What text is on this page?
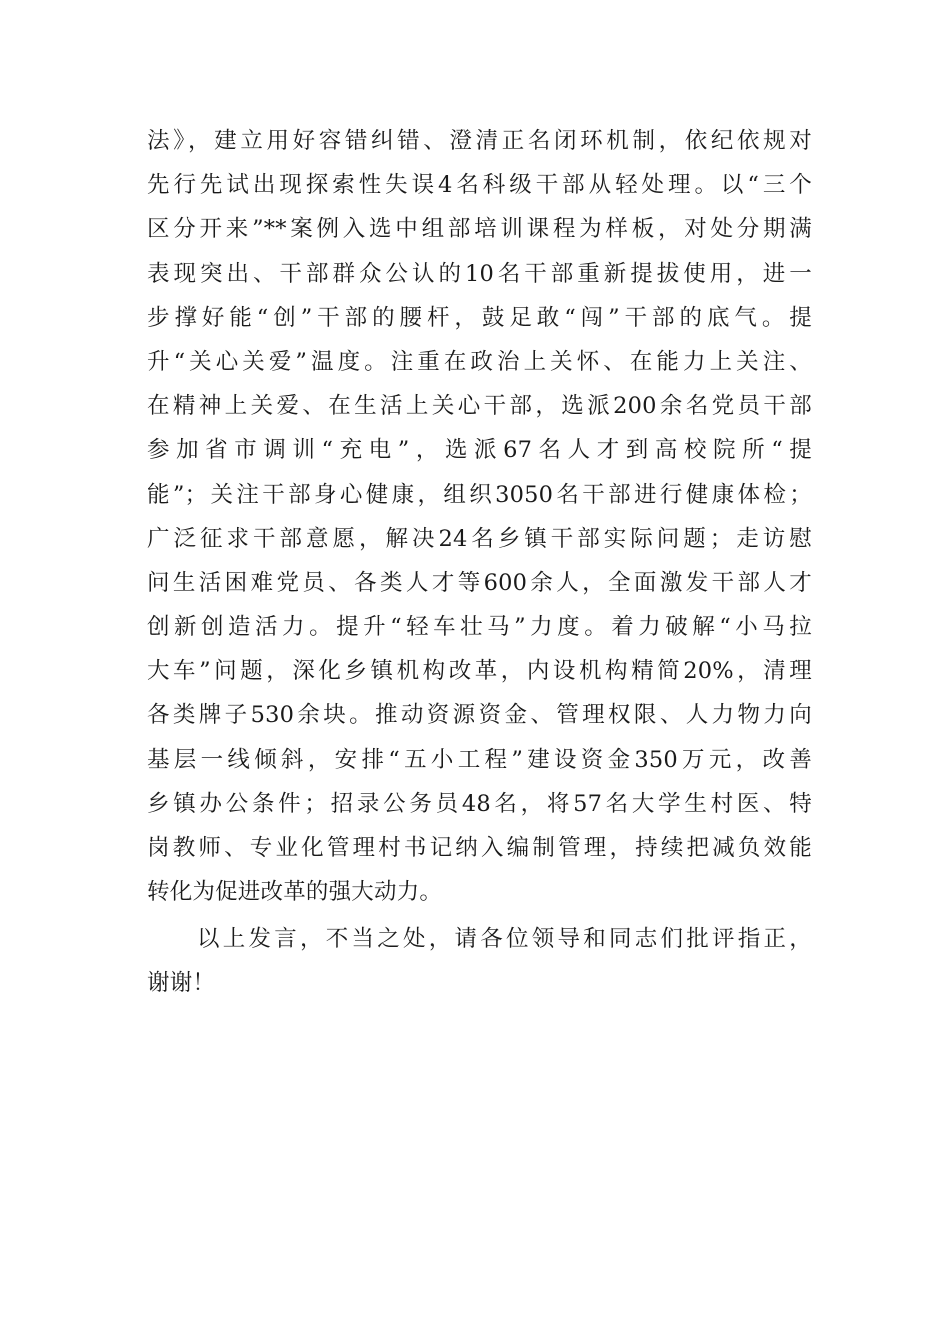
法》，建立用好容错纠错、澄清正名闭环机制，依纪依规对
先行先试出现探索性失误4名科级干部从轻处理。以“三个
区分开来”**案例入选中组部培训课程为样板，对处分期满
表现突出、干部群众公认的10名干部重新提拔使用，进一
步撑好能“创”干部的腰杆，鼓足敢“闯”干部的底气。提
升“关心关爱”温度。注重在政治上关怀、在能力上关注、
在精神上关爱、在生活上关心干部，选派200余名党员干部
参加省市调训“充电”，选派67名人才到高校院所“提
能”；关注干部身心健康，组织3050名干部进行健康体检；
广泛征求干部意愿，解决24名乡镇干部实际问题；走访慰
问生活困难党员、各类人才等600余人，全面激发干部人才
创新创造活力。提升“轻车壮马”力度。着力破解“小马拉
大车”问题，深化乡镇机构改革，内设机构精简20%，清理
各类牌子530余块。推动资源资金、管理权限、人力物力向
基层一线倾斜，安排“五小工程”建设资金350万元，改善
乡镇办公条件；招录公务员48名，将57名大学生村医、特
岗教师、专业化管理村书记纳入编制管理，持续把减负效能
转化为促进改革的强大动力。
以上发言，不当之处，请各位领导和同志们批评指正，
谢谢！
